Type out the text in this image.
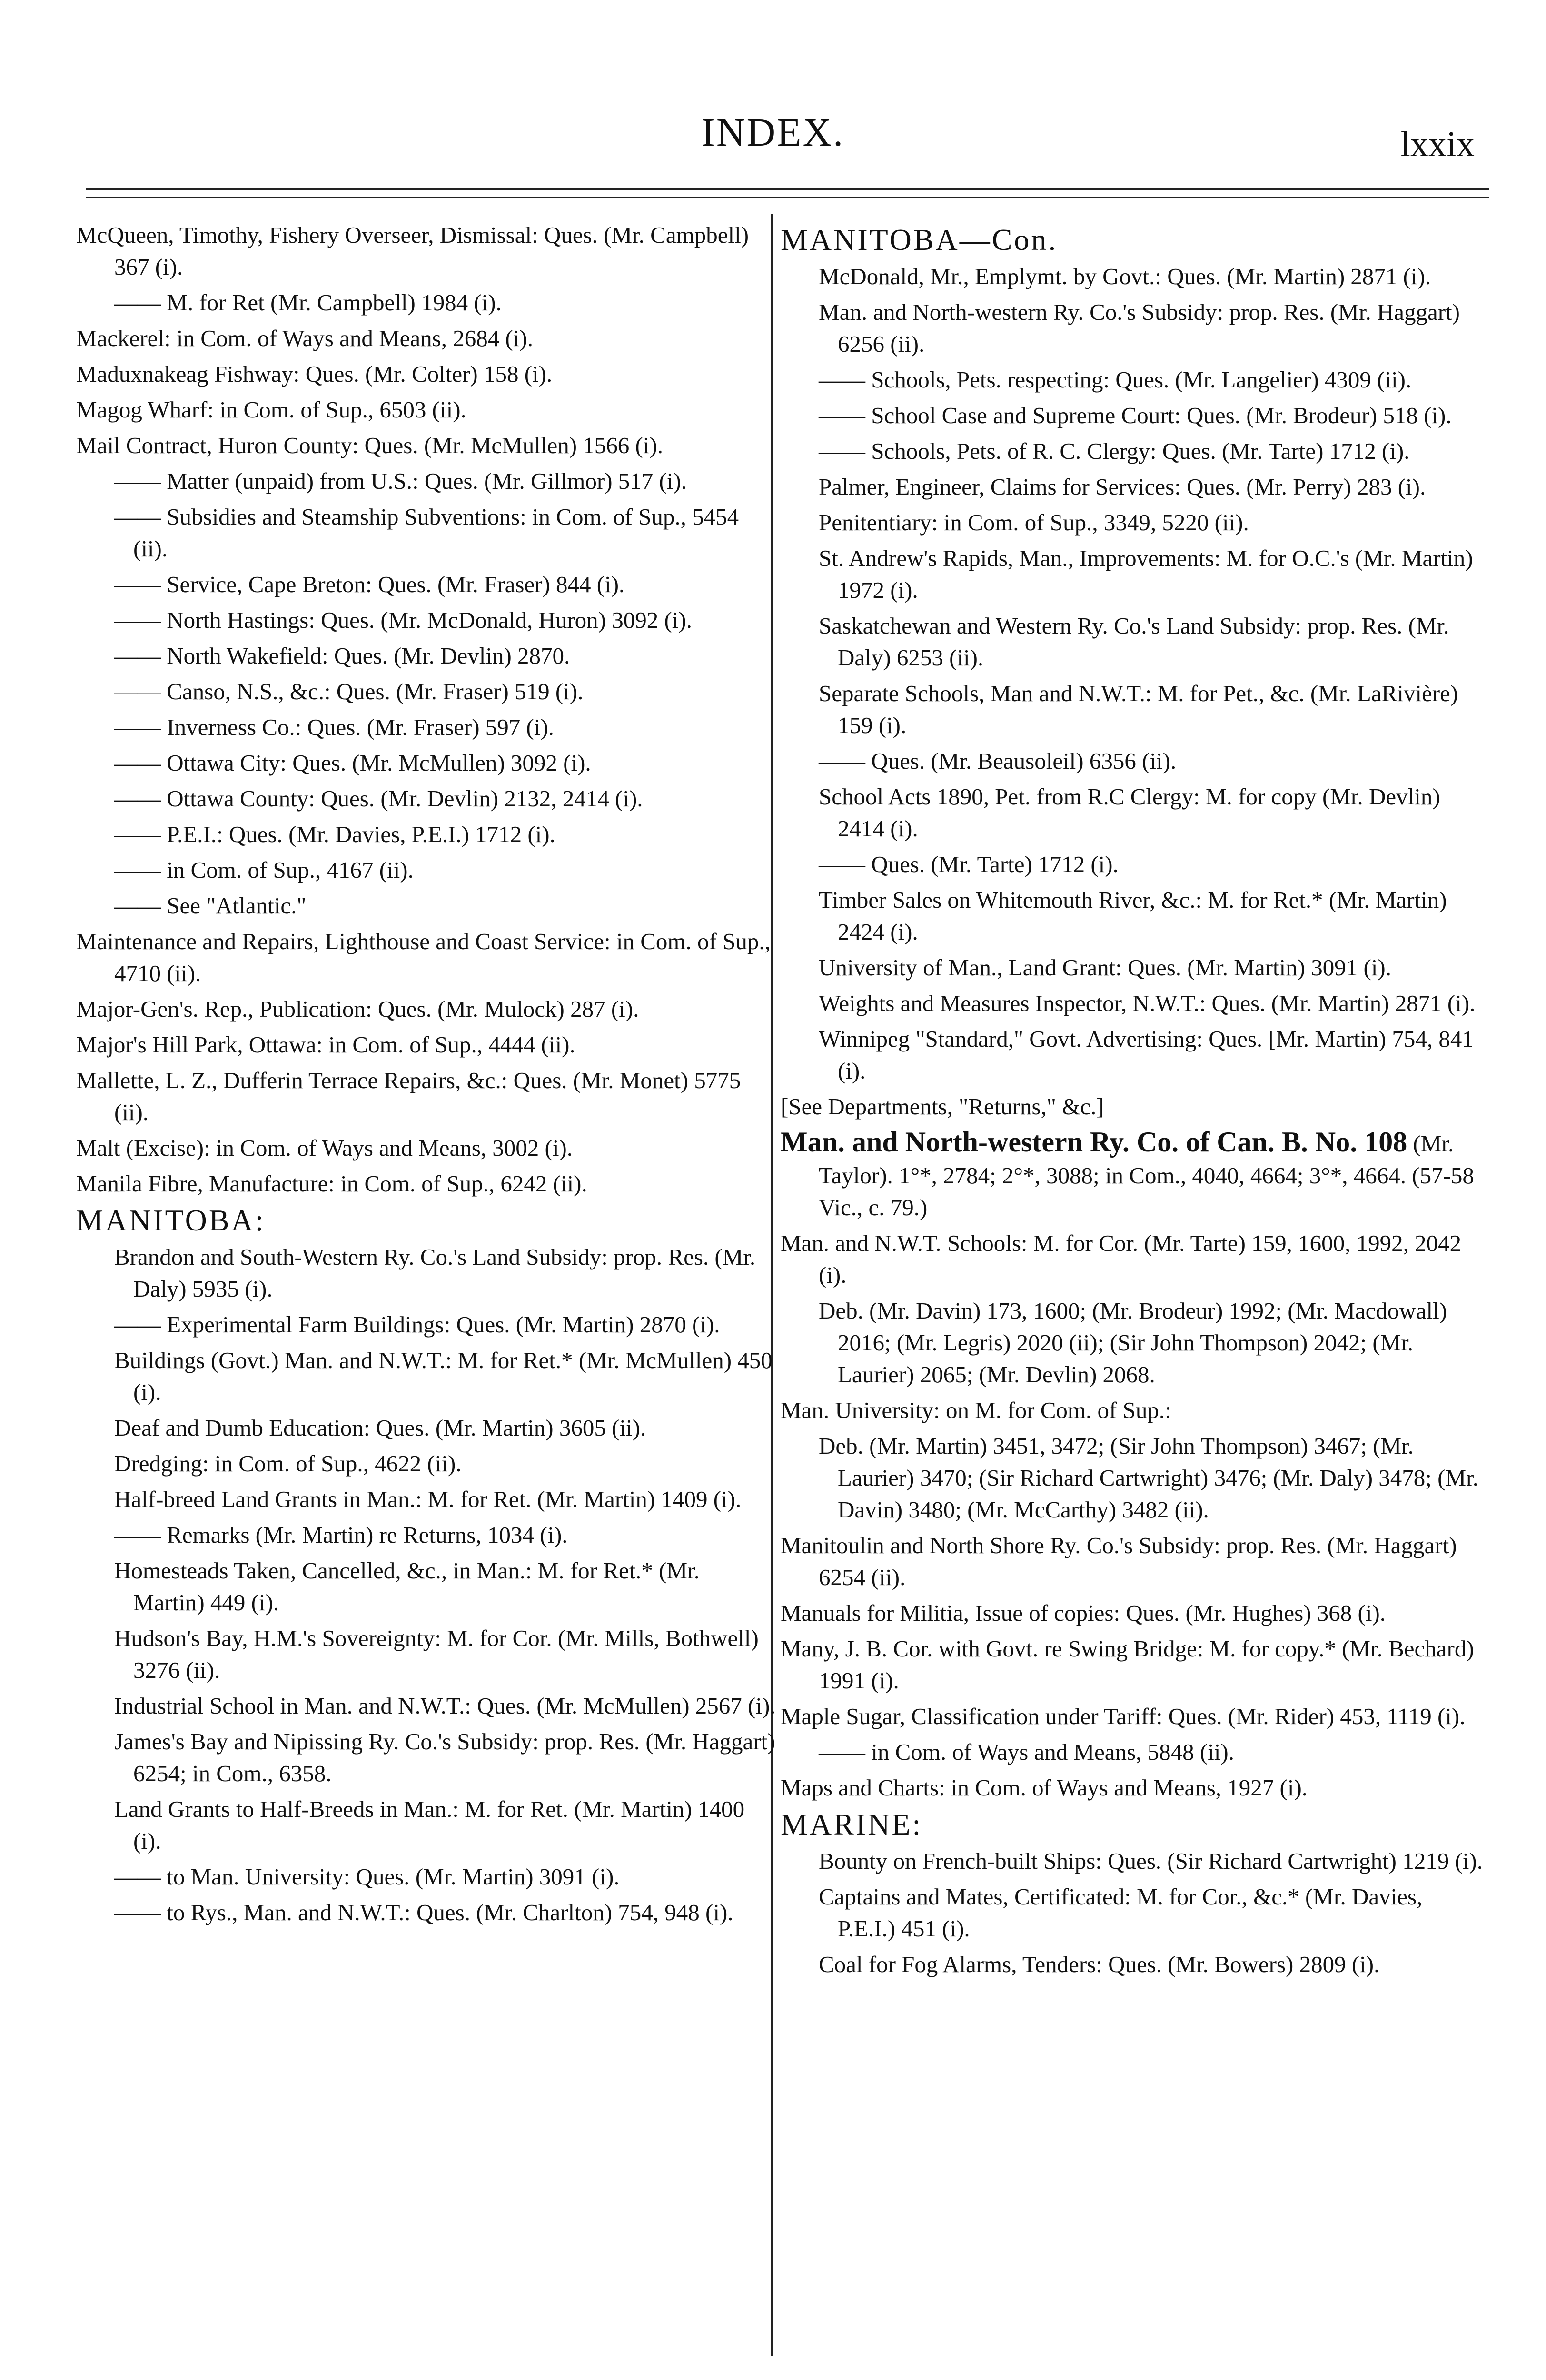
INDEX.	lxxix
McQueen, Timothy, Fishery Overseer, Dismissal: Ques. (Mr. Campbell) 367 (i).
—— M. for Ret (Mr. Campbell) 1984 (i).
Mackerel: in Com. of Ways and Means, 2684 (i).
Maduxnakeag Fishway: Ques. (Mr. Colter) 158 (i).
Magog Wharf: in Com. of Sup., 6503 (ii).
Mail Contract, Huron County: Ques. (Mr. McMullen) 1566 (i).
—— Matter (unpaid) from U.S.: Ques. (Mr. Gillmor) 517 (i).
—— Subsidies and Steamship Subventions: in Com. of Sup., 5454 (ii).
—— Service, Cape Breton: Ques. (Mr. Fraser) 844 (i).
—— North Hastings: Ques. (Mr. McDonald, Huron) 3092 (i).
—— North Wakefield: Ques. (Mr. Devlin) 2870.
—— Canso, N.S., &c.: Ques. (Mr. Fraser) 519 (i).
—— Inverness Co.: Ques. (Mr. Fraser) 597 (i).
—— Ottawa City: Ques. (Mr. McMullen) 3092 (i).
—— Ottawa County: Ques. (Mr. Devlin) 2132, 2414 (i).
—— P.E.I.: Ques. (Mr. Davies, P.E.I.) 1712 (i).
—— in Com. of Sup., 4167 (ii).
—— See "Atlantic."
Maintenance and Repairs, Lighthouse and Coast Service: in Com. of Sup., 4710 (ii).
Major-Gen's. Rep., Publication: Ques. (Mr. Mulock) 287 (i).
Major's Hill Park, Ottawa: in Com. of Sup., 4444 (ii).
Mallette, L. Z., Dufferin Terrace Repairs, &c.: Ques. (Mr. Monet) 5775 (ii).
Malt (Excise): in Com. of Ways and Means, 3002 (i).
Manila Fibre, Manufacture: in Com. of Sup., 6242 (ii).
MANITOBA:
Brandon and South-Western Ry. Co.'s Land Subsidy: prop. Res. (Mr. Daly) 5935 (i).
—— Experimental Farm Buildings: Ques. (Mr. Martin) 2870 (i).
Buildings (Govt.) Man. and N.W.T.: M. for Ret.* (Mr. McMullen) 450 (i).
Deaf and Dumb Education: Ques. (Mr. Martin) 3605 (ii).
Dredging: in Com. of Sup., 4622 (ii).
Half-breed Land Grants in Man.: M. for Ret. (Mr. Martin) 1409 (i).
—— Remarks (Mr. Martin) re Returns, 1034 (i).
Homesteads Taken, Cancelled, &c., in Man.: M. for Ret.* (Mr. Martin) 449 (i).
Hudson's Bay, H.M.'s Sovereignty: M. for Cor. (Mr. Mills, Bothwell) 3276 (ii).
Industrial School in Man. and N.W.T.: Ques. (Mr. McMullen) 2567 (i).
James's Bay and Nipissing Ry. Co.'s Subsidy: prop. Res. (Mr. Haggart) 6254; in Com., 6358.
Land Grants to Half-Breeds in Man.: M. for Ret. (Mr. Martin) 1400 (i).
—— to Man. University: Ques. (Mr. Martin) 3091 (i).
—— to Rys., Man. and N.W.T.: Ques. (Mr. Charlton) 754, 948 (i).
MANITOBA—Con.
McDonald, Mr., Emplymt. by Govt.: Ques. (Mr. Martin) 2871 (i).
Man. and North-western Ry. Co.'s Subsidy: prop. Res. (Mr. Haggart) 6256 (ii).
—— Schools, Pets. respecting: Ques. (Mr. Langelier) 4309 (ii).
—— School Case and Supreme Court: Ques. (Mr. Brodeur) 518 (i).
—— Schools, Pets. of R. C. Clergy: Ques. (Mr. Tarte) 1712 (i).
Palmer, Engineer, Claims for Services: Ques. (Mr. Perry) 283 (i).
Penitentiary: in Com. of Sup., 3349, 5220 (ii).
St. Andrew's Rapids, Man., Improvements: M. for O.C.'s (Mr. Martin) 1972 (i).
Saskatchewan and Western Ry. Co.'s Land Subsidy: prop. Res. (Mr. Daly) 6253 (ii).
Separate Schools, Man and N.W.T.: M. for Pet., &c. (Mr. LaRivière) 159 (i).
—— Ques. (Mr. Beausoleil) 6356 (ii).
School Acts 1890, Pet. from R.C Clergy: M. for copy (Mr. Devlin) 2414 (i).
—— Ques. (Mr. Tarte) 1712 (i).
Timber Sales on Whitemouth River, &c.: M. for Ret.* (Mr. Martin) 2424 (i).
University of Man., Land Grant: Ques. (Mr. Martin) 3091 (i).
Weights and Measures Inspector, N.W.T.: Ques. (Mr. Martin) 2871 (i).
Winnipeg "Standard," Govt. Advertising: Ques. [Mr. Martin) 754, 841 (i).
[See Departments, "Returns," &c.]
Man. and North-western Ry. Co. of Can. B. No. 108 (Mr. Taylor). 1°*, 2784; 2°*, 3088; in Com., 4040, 4664; 3°*, 4664. (57-58 Vic., c. 79.)
Man. and N.W.T. Schools: M. for Cor. (Mr. Tarte) 159, 1600, 1992, 2042 (i).
Deb. (Mr. Davin) 173, 1600; (Mr. Brodeur) 1992; (Mr. Macdowall) 2016; (Mr. Legris) 2020 (ii); (Sir John Thompson) 2042; (Mr. Laurier) 2065; (Mr. Devlin) 2068.
Man. University: on M. for Com. of Sup.:
Deb. (Mr. Martin) 3451, 3472; (Sir John Thompson) 3467; (Mr. Laurier) 3470; (Sir Richard Cartwright) 3476; (Mr. Daly) 3478; (Mr. Davin) 3480; (Mr. McCarthy) 3482 (ii).
Manitoulin and North Shore Ry. Co.'s Subsidy: prop. Res. (Mr. Haggart) 6254 (ii).
Manuals for Militia, Issue of copies: Ques. (Mr. Hughes) 368 (i).
Many, J. B. Cor. with Govt. re Swing Bridge: M. for copy.* (Mr. Bechard) 1991 (i).
Maple Sugar, Classification under Tariff: Ques. (Mr. Rider) 453, 1119 (i).
—— in Com. of Ways and Means, 5848 (ii).
Maps and Charts: in Com. of Ways and Means, 1927 (i).
MARINE:
Bounty on French-built Ships: Ques. (Sir Richard Cartwright) 1219 (i).
Captains and Mates, Certificated: M. for Cor., &c.* (Mr. Davies, P.E.I.) 451 (i).
Coal for Fog Alarms, Tenders: Ques. (Mr. Bowers) 2809 (i).
